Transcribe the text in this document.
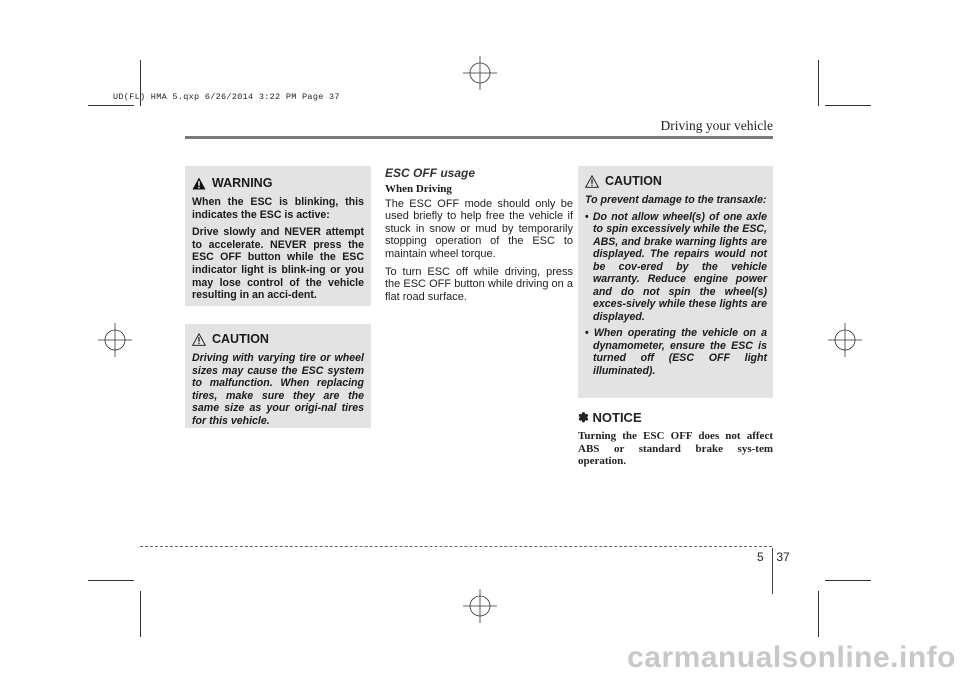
UD(FL) HMA 5.qxp 6/26/2014 3:22 PM Page 37
Driving your vehicle
WARNING

When the ESC is blinking, this indicates the ESC is active:

Drive slowly and NEVER attempt to accelerate. NEVER press the ESC OFF button while the ESC indicator light is blink-ing or you may lose control of the vehicle resulting in an acci-dent.

CAUTION

Driving with varying tire or wheel sizes may cause the ESC system to malfunction. When replacing tires, make sure they are the same size as your origi-nal tires for this vehicle.

ESC OFF usage

When Driving

The ESC OFF mode should only be used briefly to help free the vehicle if stuck in snow or mud by temporarily stopping operation of the ESC to maintain wheel torque.

To turn ESC off while driving, press the ESC OFF button while driving on a flat road surface.

CAUTION

To prevent damage to the transaxle:

• Do not allow wheel(s) of one axle to spin excessively while the ESC, ABS, and brake warning lights are displayed. The repairs would not be cov-ered by the vehicle warranty. Reduce engine power and do not spin the wheel(s) exces-sively while these lights are displayed.
• When operating the vehicle on a dynamometer, ensure the ESC is turned off (ESC OFF light illuminated).

✽ NOTICE

Turning the ESC OFF does not affect ABS or standard brake sys-tem operation.

5 37
carmanualsonline.info
